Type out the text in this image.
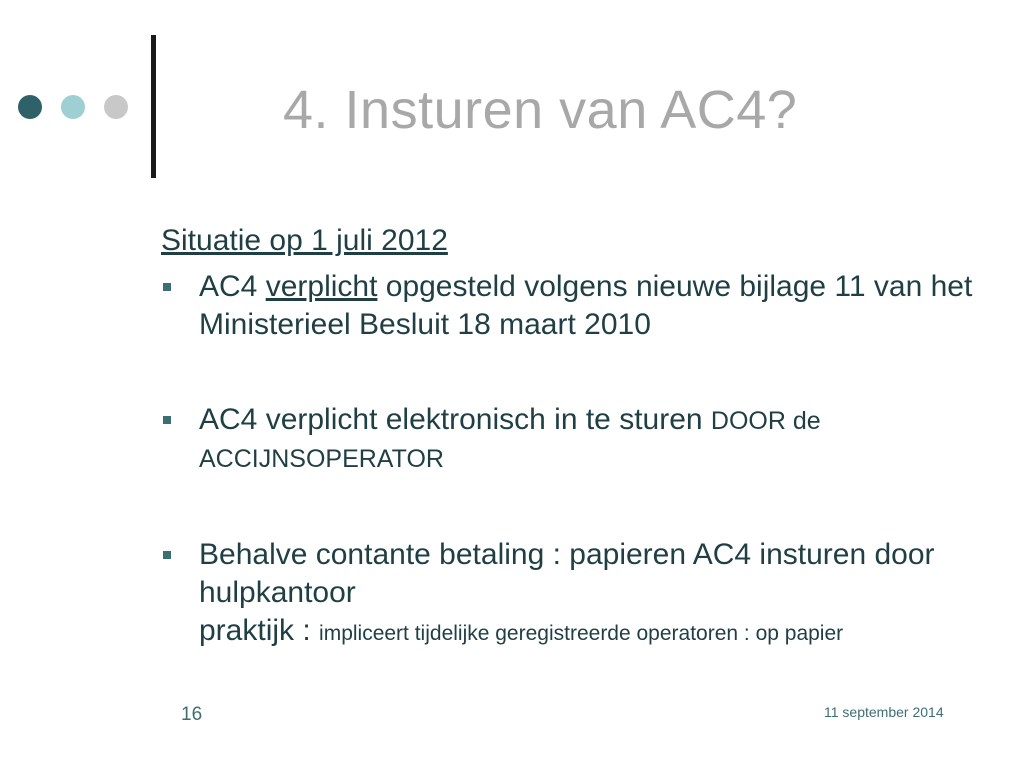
4. Insturen van AC4?
Situatie op 1 juli 2012
AC4 verplicht opgesteld volgens nieuwe bijlage 11 van het Ministerieel Besluit 18 maart 2010
AC4 verplicht elektronisch in te sturen DOOR de ACCIJNSOPERATOR
Behalve contante betaling : papieren AC4 insturen door hulpkantoor
praktijk : impliceert tijdelijke geregistreerde operatoren : op papier
16	11 september 2014
